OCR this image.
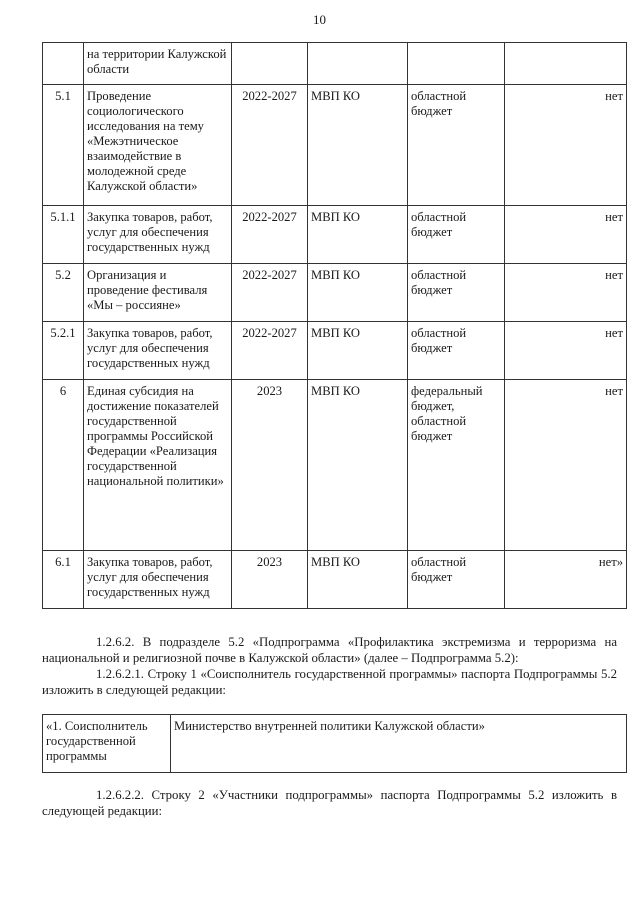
10
	на территории Калужской области				
5.1	Проведение социологического исследования на тему «Межэтническое взаимодействие в молодежной среде Калужской области»	2022-2027	МВП КО	областной бюджет	нет
5.1.1	Закупка товаров, работ, услуг для обеспечения государственных нужд	2022-2027	МВП КО	областной бюджет	нет
5.2	Организация и проведение фестиваля «Мы – россияне»	2022-2027	МВП КО	областной бюджет	нет
5.2.1	Закупка товаров, работ, услуг для обеспечения государственных нужд	2022-2027	МВП КО	областной бюджет	нет
6	Единая субсидия на достижение показателей государственной программы Российской Федерации «Реализация государственной национальной политики»	2023	МВП КО	федеральный бюджет, областной бюджет	нет
6.1	Закупка товаров, работ, услуг для обеспечения государственных нужд	2023	МВП КО	областной бюджет	нет»

1.2.6.2. В подразделе 5.2 «Подпрограмма «Профилактика экстремизма и терроризма на национальной и религиозной почве в Калужской области» (далее – Подпрограмма 5.2):

1.2.6.2.1. Строку 1 «Соисполнитель государственной программы» паспорта Подпрограммы 5.2 изложить в следующей редакции:

«1. Соисполнитель государственной программы	Министерство внутренней политики Калужской области»

1.2.6.2.2. Строку 2 «Участники подпрограммы» паспорта Подпрограммы 5.2 изложить в следующей редакции:
